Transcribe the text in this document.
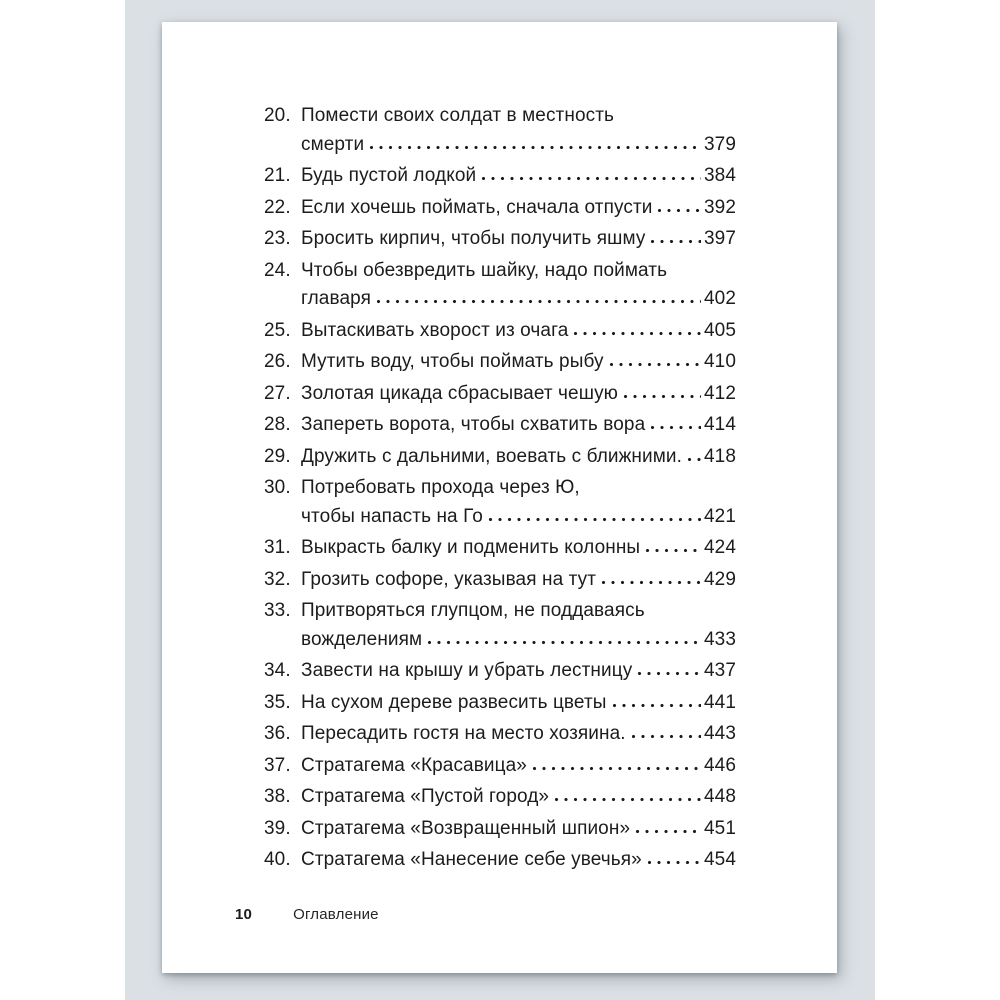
20. Помести своих солдат в местность
смерти	379
21. Будь пустой лодкой	384
22. Если хочешь поймать, сначала отпусти	392
23. Бросить кирпич, чтобы получить яшму	397
24. Чтобы обезвредить шайку, надо поймать
главаря	402
25. Вытаскивать хворост из очага	405
26. Мутить воду, чтобы поймать рыбу	410
27. Золотая цикада сбрасывает чешую	412
28. Запереть ворота, чтобы схватить вора	414
29. Дружить с дальними, воевать с ближними. 418
30. Потребовать прохода через Ю,
чтобы напасть на Го	421
31. Выкрасть балку и подменить колонны	424
32. Грозить софоре, указывая на тут	429
33. Притворяться глупцом, не поддаваясь
вожделениям	433
34. Завести на крышу и убрать лестницу	437
35. На сухом дереве развесить цветы	441
36. Пересадить гостя на место хозяина.	443
37. Стратагема «Красавица»	446
38. Стратагема «Пустой город»	448
39. Стратагема «Возвращенный шпион»	451
40. Стратагема «Нанесение себе увечья»	454
10	Оглавление
